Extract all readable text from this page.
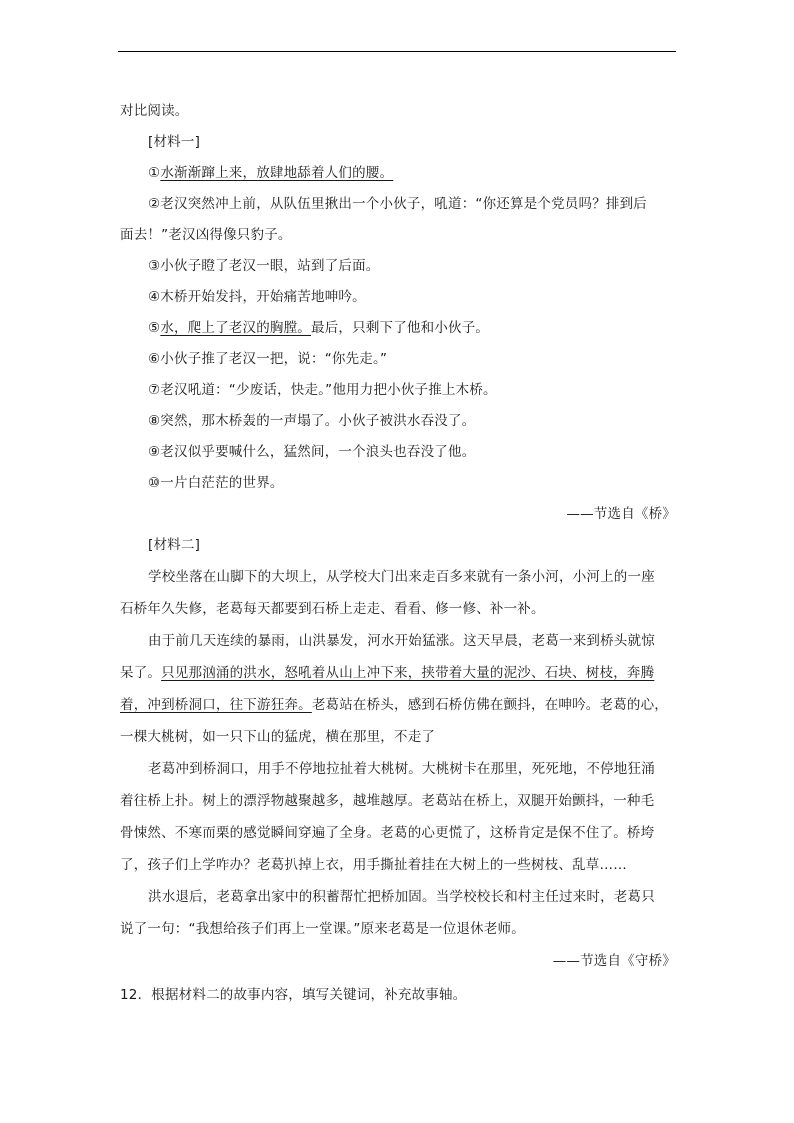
对比阅读。
[材料一]
①水渐渐蹿上来，放肆地舔着人们的腰。
②老汉突然冲上前，从队伍里揪出一个小伙子，吼道：“你还算是个党员吗？排到后
面去！”老汉凶得像只豹子。
③小伙子瞪了老汉一眼，站到了后面。
④木桥开始发抖，开始痛苦地呻吟。
⑤水，爬上了老汉的胸膛。最后，只剩下了他和小伙子。
⑥小伙子推了老汉一把，说：“你先走。”
⑦老汉吼道：“少废话，快走。”他用力把小伙子推上木桥。
⑧突然，那木桥轰的一声塌了。小伙子被洪水吞没了。
⑨老汉似乎要喊什么，猛然间，一个浪头也吞没了他。
⑩一片白茫茫的世界。
——节选自《桥》
[材料二]
学校坐落在山脚下的大坝上，从学校大门出来走百多来就有一条小河，小河上的一座
石桥年久失修，老葛每天都要到石桥上走走、看看、修一修、补一补。
由于前几天连续的暴雨，山洪暴发，河水开始猛涨。这天早晨，老葛一来到桥头就惊
呆了。只见那汹涌的洪水，怒吼着从山上冲下来，挟带着大量的泥沙、石块、树枝，奔腾
着，冲到桥洞口，往下游狂奔。老葛站在桥头，感到石桥仿佛在颤抖，在呻吟。老葛的心，
一棵大桃树，如一只下山的猛虎，横在那里，不走了
老葛冲到桥洞口，用手不停地拉扯着大桃树。大桃树卡在那里，死死地，不停地狂涌
着往桥上扑。树上的漂浮物越聚越多，越堆越厚。老葛站在桥上，双腿开始颤抖，一种毛
骨悚然、不寒而栗的感觉瞬间穿遍了全身。老葛的心更慌了，这桥肯定是保不住了。桥垮
了，孩子们上学咋办？老葛扒掉上衣，用手撕扯着挂在大树上的一些树枝、乱草……
洪水退后，老葛拿出家中的积蓄帮忙把桥加固。当学校校长和村主任过来时，老葛只
说了一句：“我想给孩子们再上一堂课。”原来老葛是一位退休老师。
——节选自《守桥》
12．根据材料二的故事内容，填写关键词，补充故事轴。
